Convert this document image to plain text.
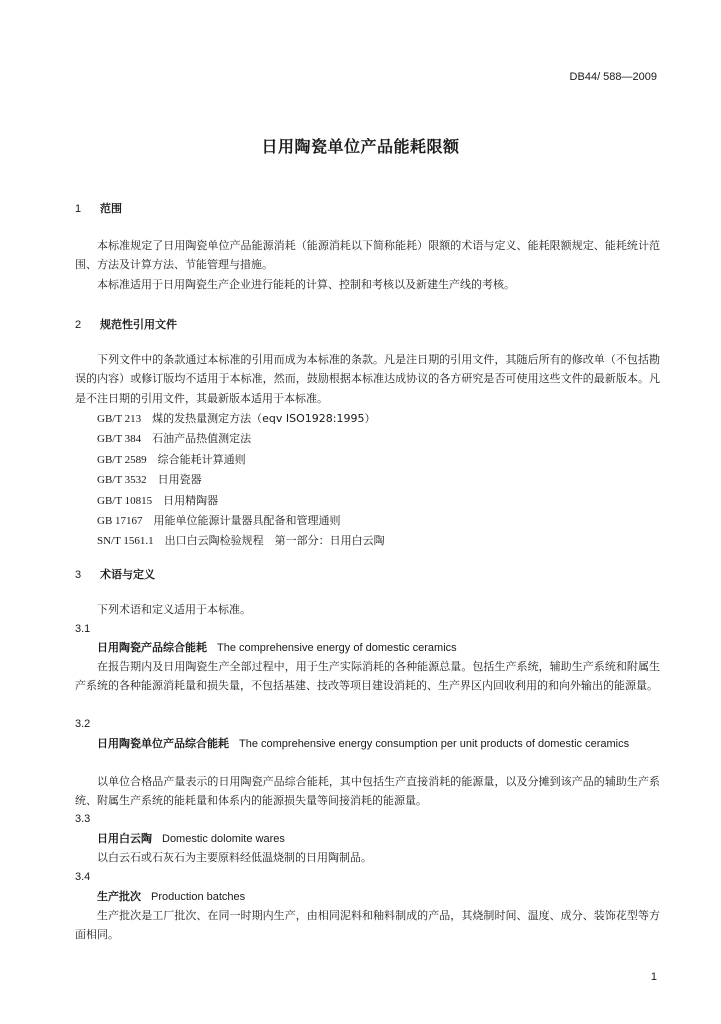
DB44/ 588—2009
日用陶瓷单位产品能耗限额
1 范围
本标准规定了日用陶瓷单位产品能源消耗（能源消耗以下简称能耗）限额的术语与定义、能耗限额规定、能耗统计范围、方法及计算方法、节能管理与措施。
本标准适用于日用陶瓷生产企业进行能耗的计算、控制和考核以及新建生产线的考核。
2 规范性引用文件
下列文件中的条款通过本标准的引用而成为本标准的条款。凡是注日期的引用文件，其随后所有的修改单（不包括勘误的内容）或修订版均不适用于本标准，然而，鼓励根据本标准达成协议的各方研究是否可使用这些文件的最新版本。凡是不注日期的引用文件，其最新版本适用于本标准。
GB/T 213　 煤的发热量测定方法（eqv ISO1928:1995）
GB/T 384　 石油产品热值测定法
GB/T 2589　 综合能耗计算通则
GB/T 3532　 日用瓷器
GB/T 10815　 日用精陶器
GB 17167　 用能单位能源计量器具配备和管理通则
SN/T 1561.1　 出口白云陶检验规程　第一部分：日用白云陶
3 术语与定义
下列术语和定义适用于本标准。
3.1
日用陶瓷产品综合能耗 The comprehensive energy of domestic ceramics
在报告期内及日用陶瓷生产全部过程中，用于生产实际消耗的各种能源总量。包括生产系统，辅助生产系统和附属生产系统的各种能源消耗量和损失量，不包括基建、技改等项目建设消耗的、生产界区内回收利用的和向外输出的能源量。
3.2
日用陶瓷单位产品综合能耗 The comprehensive energy consumption per unit products of domestic ceramics
以单位合格品产量表示的日用陶瓷产品综合能耗，其中包括生产直接消耗的能源量，以及分摊到该产品的辅助生产系统、附属生产系统的能耗量和体系内的能源损失量等间接消耗的能源量。
3.3
日用白云陶 Domestic dolomite wares
以白云石或石灰石为主要原料经低温烧制的日用陶制品。
3.4
生产批次 Production batches
生产批次是工厂批次、在同一时期内生产，由相同泥料和釉料制成的产品，其烧制时间、温度、成分、装饰花型等方面相同。
1
